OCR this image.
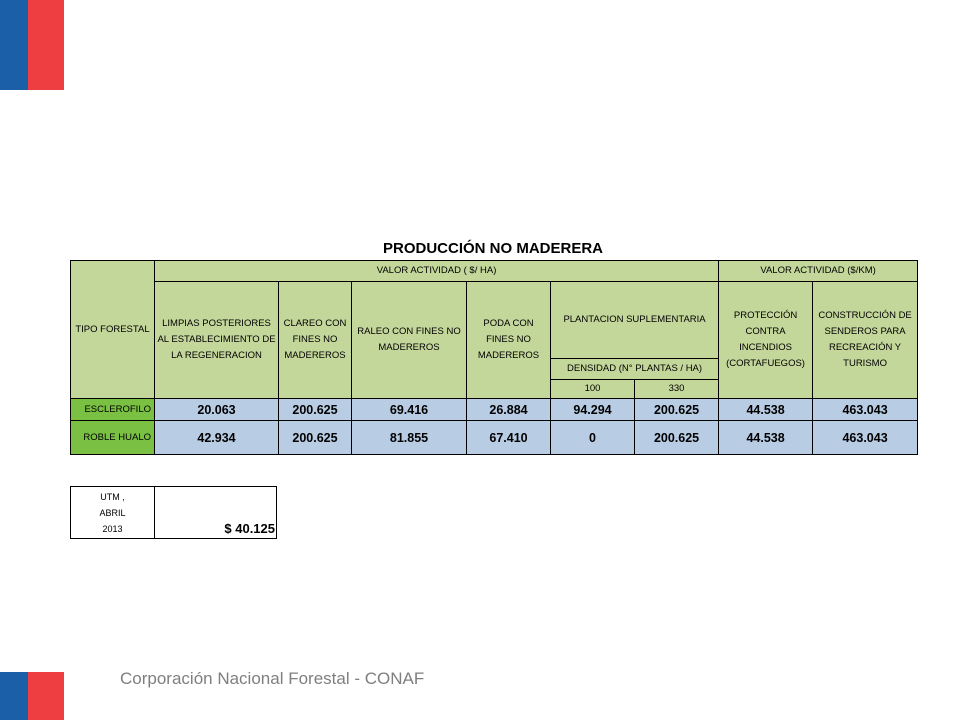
PRODUCCIÓN NO MADERERA
TIPO FORESTAL	VALOR ACTIVIDAD ( $/ HA)						VALOR ACTIVIDAD ($/KM)	
	LIMPIAS POSTERIORES AL ESTABLECIMIENTO DE LA REGENERACION	CLAREO CON FINES NO MADEREROS	RALEO CON FINES NO MADEREROS	PODA CON FINES NO MADEREROS	PLANTACION SUPLEMENTARIA		PROTECCIÓN CONTRA INCENDIOS (CORTAFUEGOS)	CONSTRUCCIÓN DE SENDEROS PARA RECREACIÓN Y TURISMO
					DENSIDAD (N° PLANTAS / HA)			
					100	330		
ESCLEROFILO	20.063	200.625	69.416	26.884	94.294	200.625	44.538	463.043
ROBLE HUALO	42.934	200.625	81.855	67.410	0	200.625	44.538	463.043
UTM ,
ABRIL
2013	$ 40.125
Corporación Nacional Forestal - CONAF
